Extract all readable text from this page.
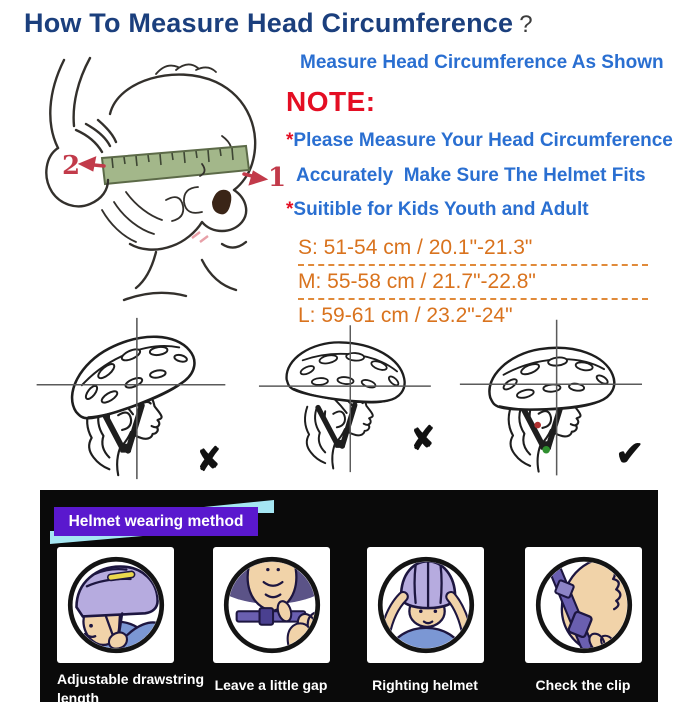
How To Measure Head Circumference ?
2	1
Measure Head Circumference As Shown
NOTE:
*Please Measure Your Head Circumference
Accurately  Make Sure The Helmet Fits
*Suitible for Kids Youth and Adult
S: 51-54 cm / 20.1"-21.3"
M: 55-58 cm / 21.7"-22.8"
L: 59-61 cm / 23.2"-24"
✘
✘	✔
Helmet wearing method
Adjustable drawstring length
Leave a little gap	Righting helmet	Check the clip
